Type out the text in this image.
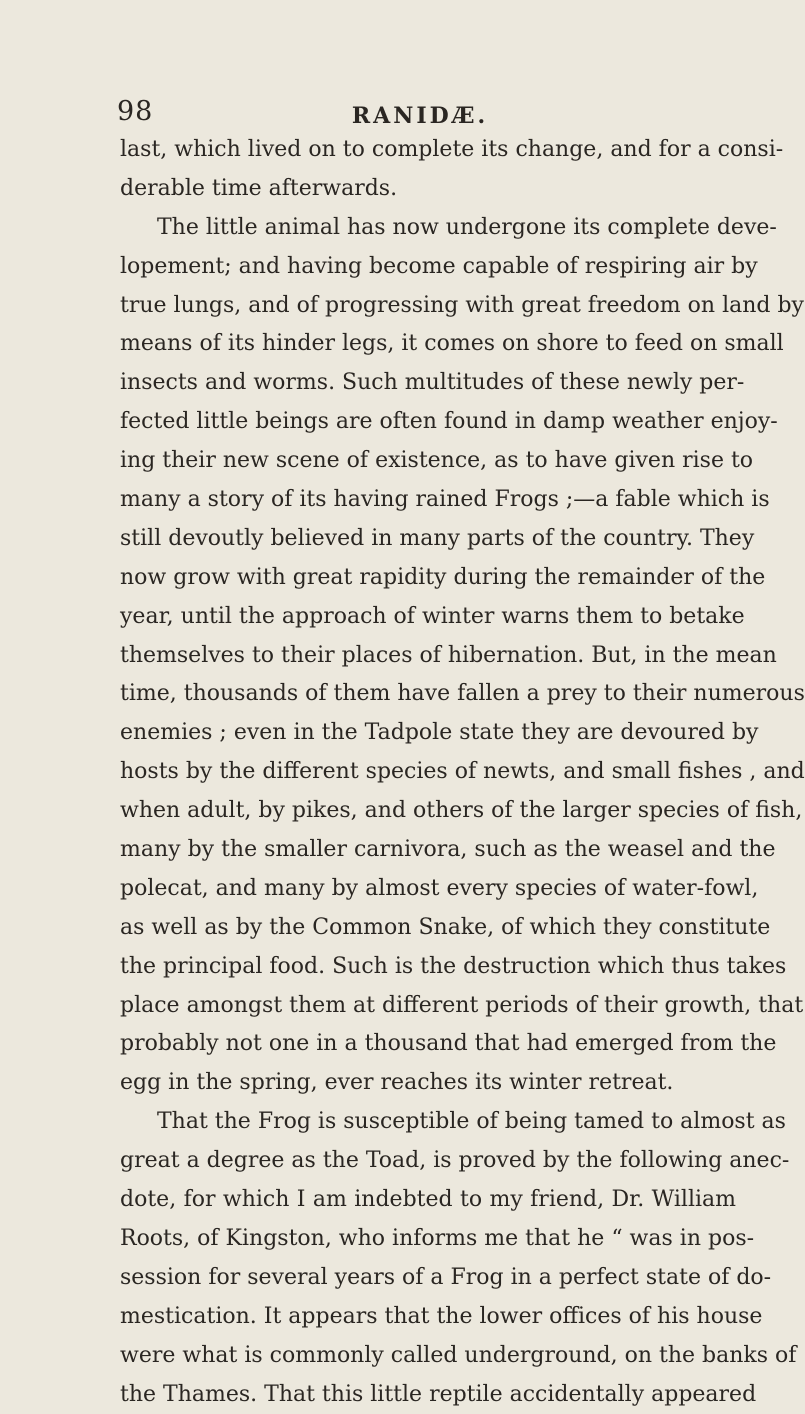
98	RANIDÆ.
last, which lived on to complete its change, and for a consi-
derable time afterwards.
The little animal has now undergone its complete deve-
lopement; and having become capable of respiring air by
true lungs, and of progressing with great freedom on land by
means of its hinder legs, it comes on shore to feed on small
insects and worms. Such multitudes of these newly per-
fected little beings are often found in damp weather enjoy-
ing their new scene of existence, as to have given rise to
many a story of its having rained Frogs ;—a fable which is
still devoutly believed in many parts of the country. They
now grow with great rapidity during the remainder of the
year, until the approach of winter warns them to betake
themselves to their places of hibernation. But, in the mean
time, thousands of them have fallen a prey to their numerous
enemies ; even in the Tadpole state they are devoured by
hosts by the different species of newts, and small fishes , and
when adult, by pikes, and others of the larger species of fish,
many by the smaller carnivora, such as the weasel and the
polecat, and many by almost every species of water-fowl,
as well as by the Common Snake, of which they constitute
the principal food. Such is the destruction which thus takes
place amongst them at different periods of their growth, that
probably not one in a thousand that had emerged from the
egg in the spring, ever reaches its winter retreat.
That the Frog is susceptible of being tamed to almost as
great a degree as the Toad, is proved by the following anec-
dote, for which I am indebted to my friend, Dr. William
Roots, of Kingston, who informs me that he “ was in pos-
session for several years of a Frog in a perfect state of do-
mestication. It appears that the lower offices of his house
were what is commonly called underground, on the banks of
the Thames. That this little reptile accidentally appeared
